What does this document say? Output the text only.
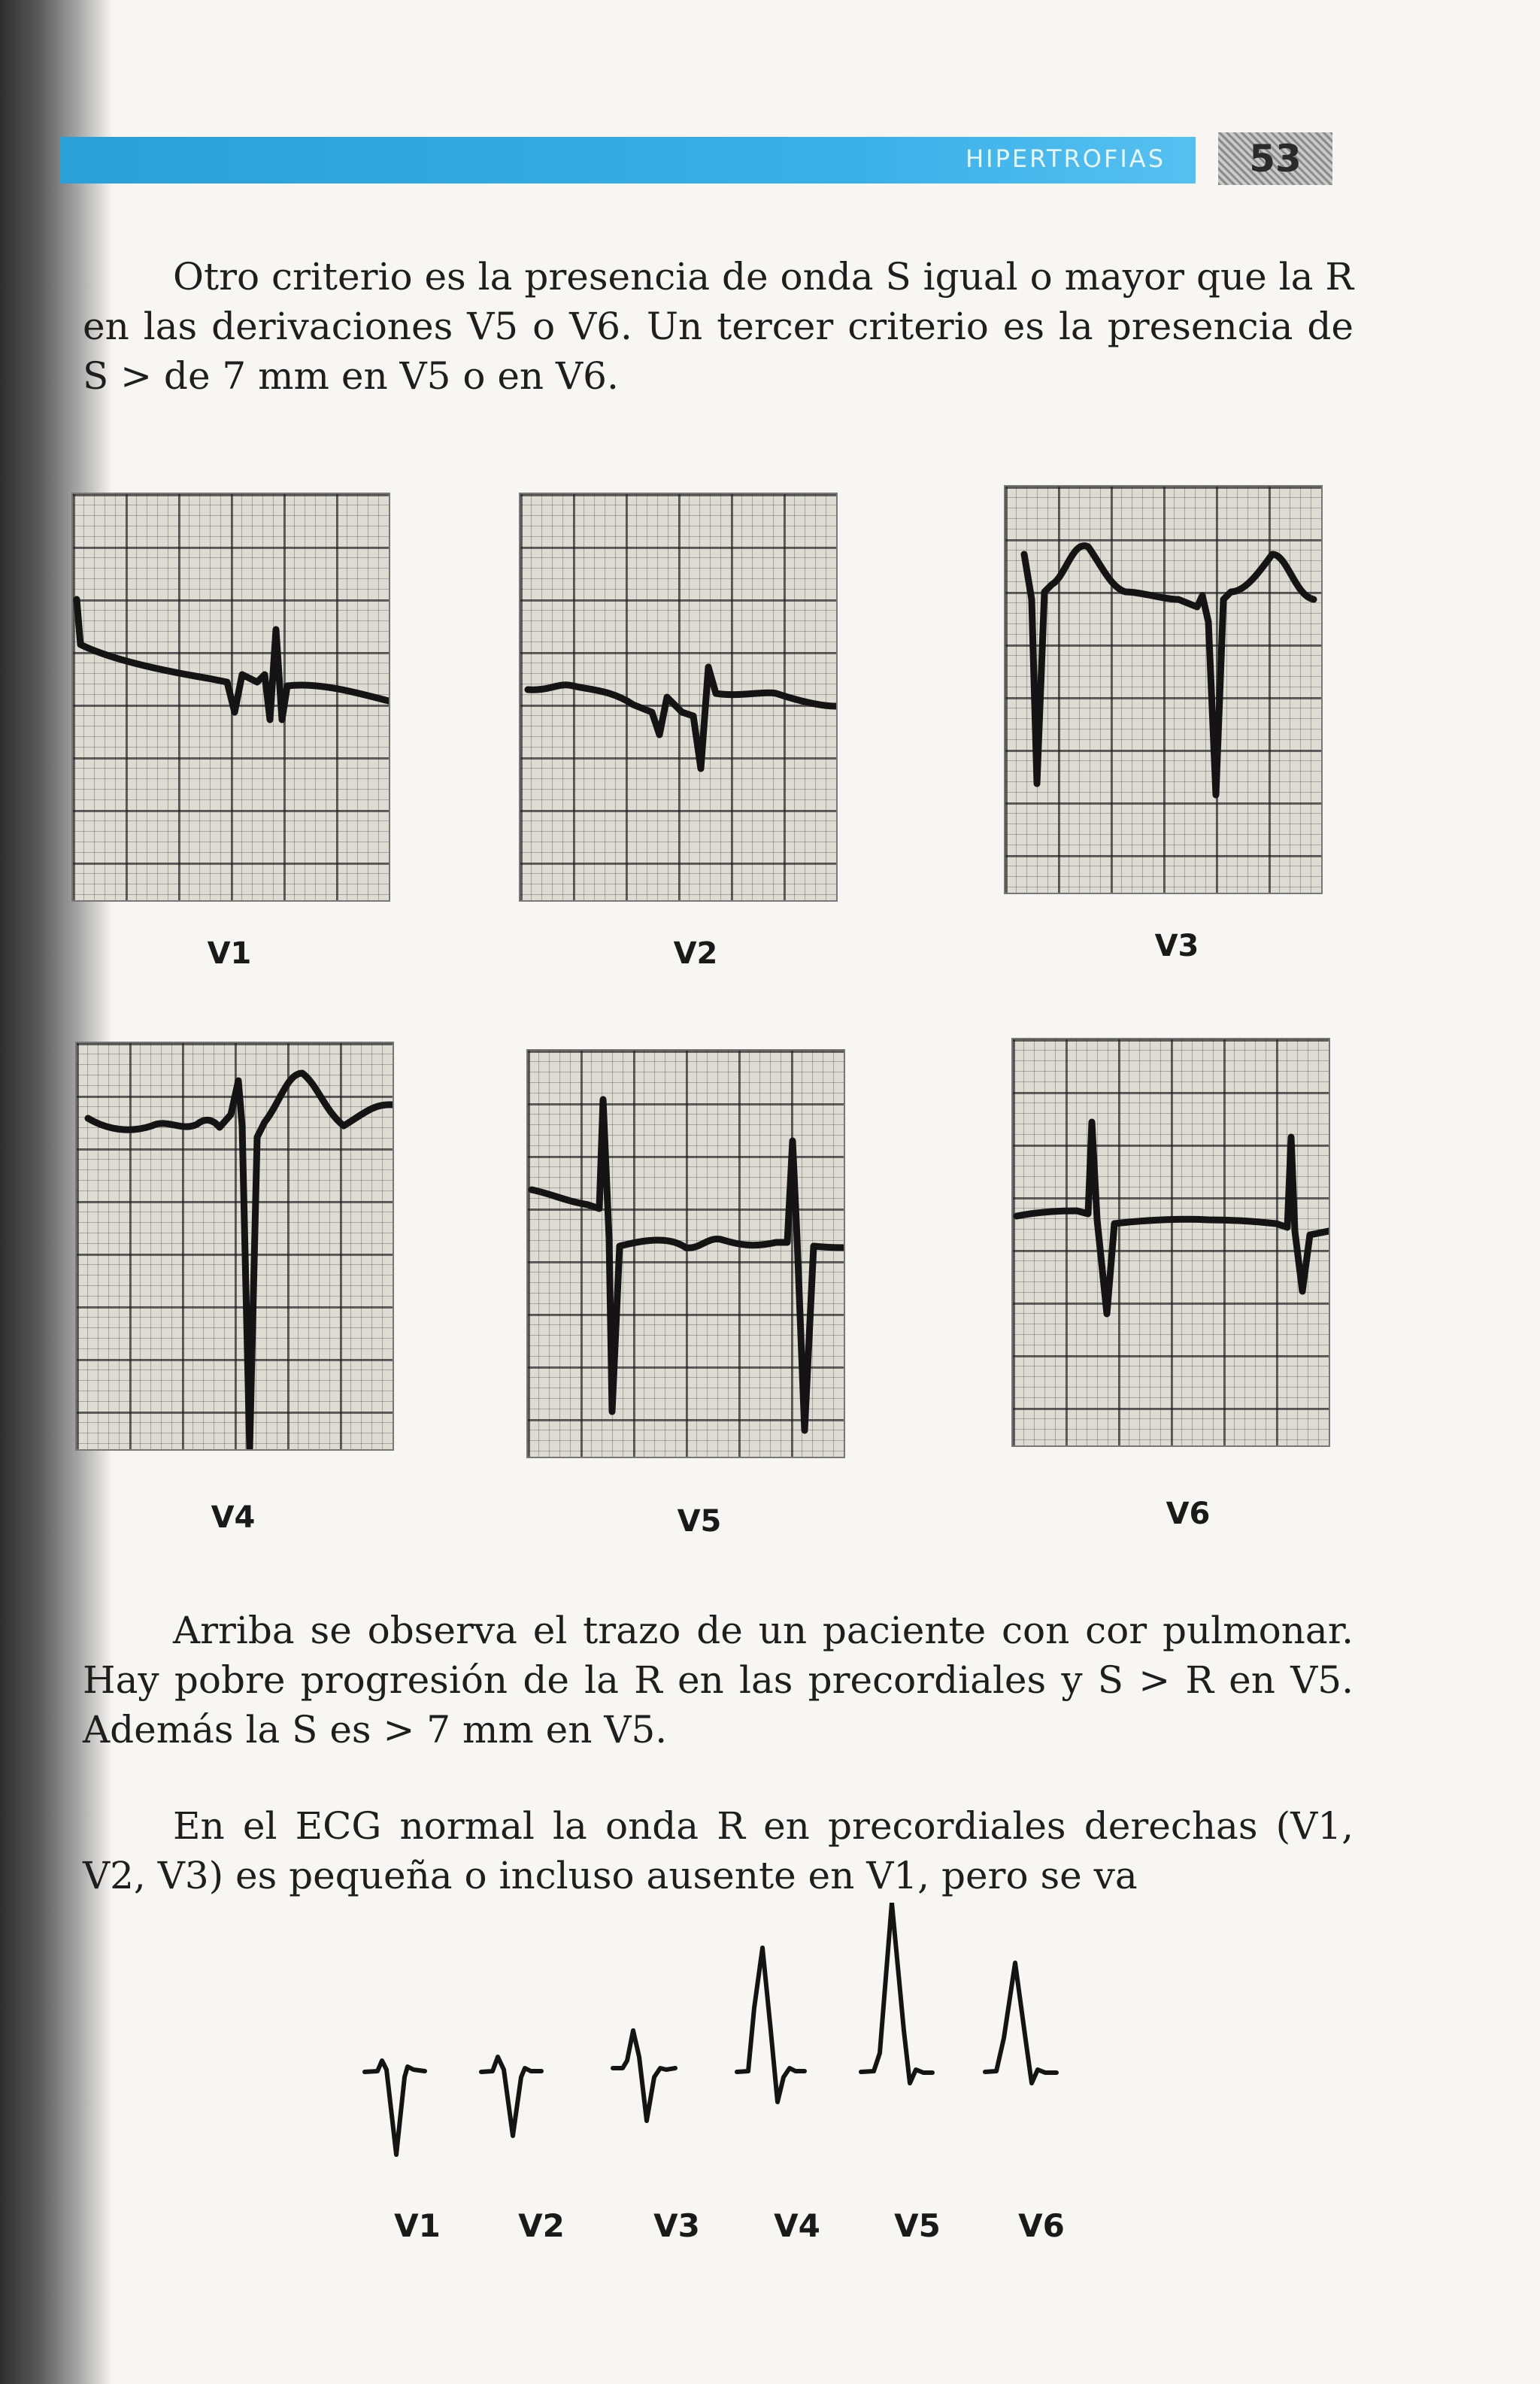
HIPERTROFIAS	53

Otro criterio es la presencia de onda S igual o mayor que la R en las derivaciones V5 o V6. Un tercer criterio es la presencia de S > de 7 mm en V5 o en V6.

V1	V2	V3
V4	V5	V6

Arriba se observa el trazo de un paciente con cor pulmonar. Hay pobre progresión de la R en las precordiales y S > R en V5. Además la S es > 7 mm en V5.

En el ECG normal la onda R en precordiales derechas (V1, V2, V3) es pequeña o incluso ausente en V1, pero se va

V1	V2	V3	V4	V5	V6
